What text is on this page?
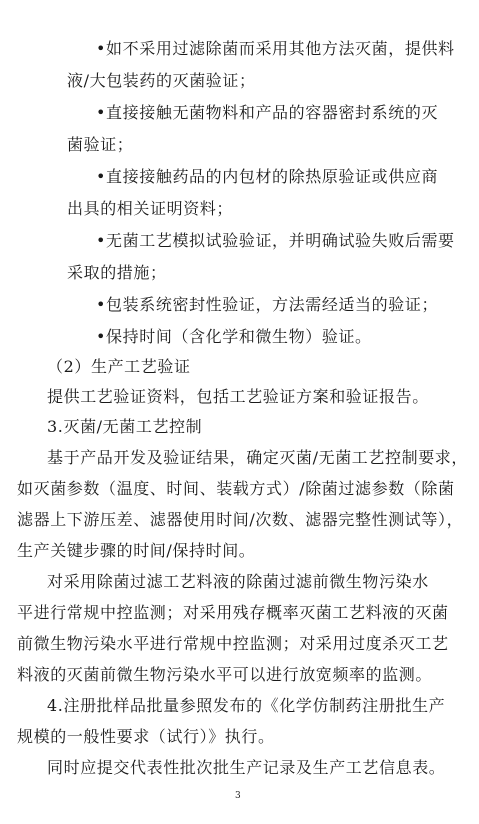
•如不采用过滤除菌而采用其他方法灭菌，提供料
液/大包装药的灭菌验证；
•直接接触无菌物料和产品的容器密封系统的灭
菌验证；
•直接接触药品的内包材的除热原验证或供应商
出具的相关证明资料；
•无菌工艺模拟试验验证，并明确试验失败后需要
采取的措施；
•包装系统密封性验证，方法需经适当的验证；
•保持时间（含化学和微生物）验证。
（2）生产工艺验证
提供工艺验证资料，包括工艺验证方案和验证报告。
3.灭菌/无菌工艺控制
基于产品开发及验证结果，确定灭菌/无菌工艺控制要求，
如灭菌参数（温度、时间、装载方式）/除菌过滤参数（除菌
滤器上下游压差、滤器使用时间/次数、滤器完整性测试等），
生产关键步骤的时间/保持时间。
对采用除菌过滤工艺料液的除菌过滤前微生物污染水
平进行常规中控监测；对采用残存概率灭菌工艺料液的灭菌
前微生物污染水平进行常规中控监测；对采用过度杀灭工艺
料液的灭菌前微生物污染水平可以进行放宽频率的监测。
4.注册批样品批量参照发布的《化学仿制药注册批生产
规模的一般性要求（试行）》执行。
同时应提交代表性批次批生产记录及生产工艺信息表。
3
